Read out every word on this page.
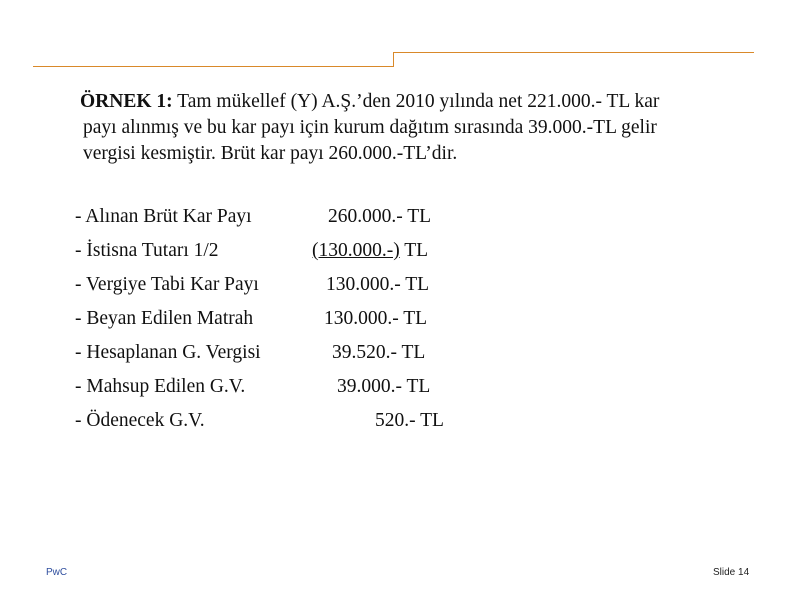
ÖRNEK 1: Tam mükellef (Y) A.Ş.’den 2010 yılında net 221.000.- TL kar
payı alınmış ve bu kar payı için kurum dağıtım sırasında 39.000.-TL gelir
vergisi kesmiştir. Brüt kar payı 260.000.-TL’dir.
- Alınan Brüt Kar Payı	260.000.- TL
- İstisna Tutarı 1/2	(130.000.-) TL
- Vergiye Tabi Kar Payı	130.000.- TL
- Beyan Edilen Matrah	130.000.- TL
- Hesaplanan G. Vergisi	39.520.- TL
- Mahsup Edilen G.V.	39.000.- TL
- Ödenecek G.V.	520.- TL
PwC	Slide 14
